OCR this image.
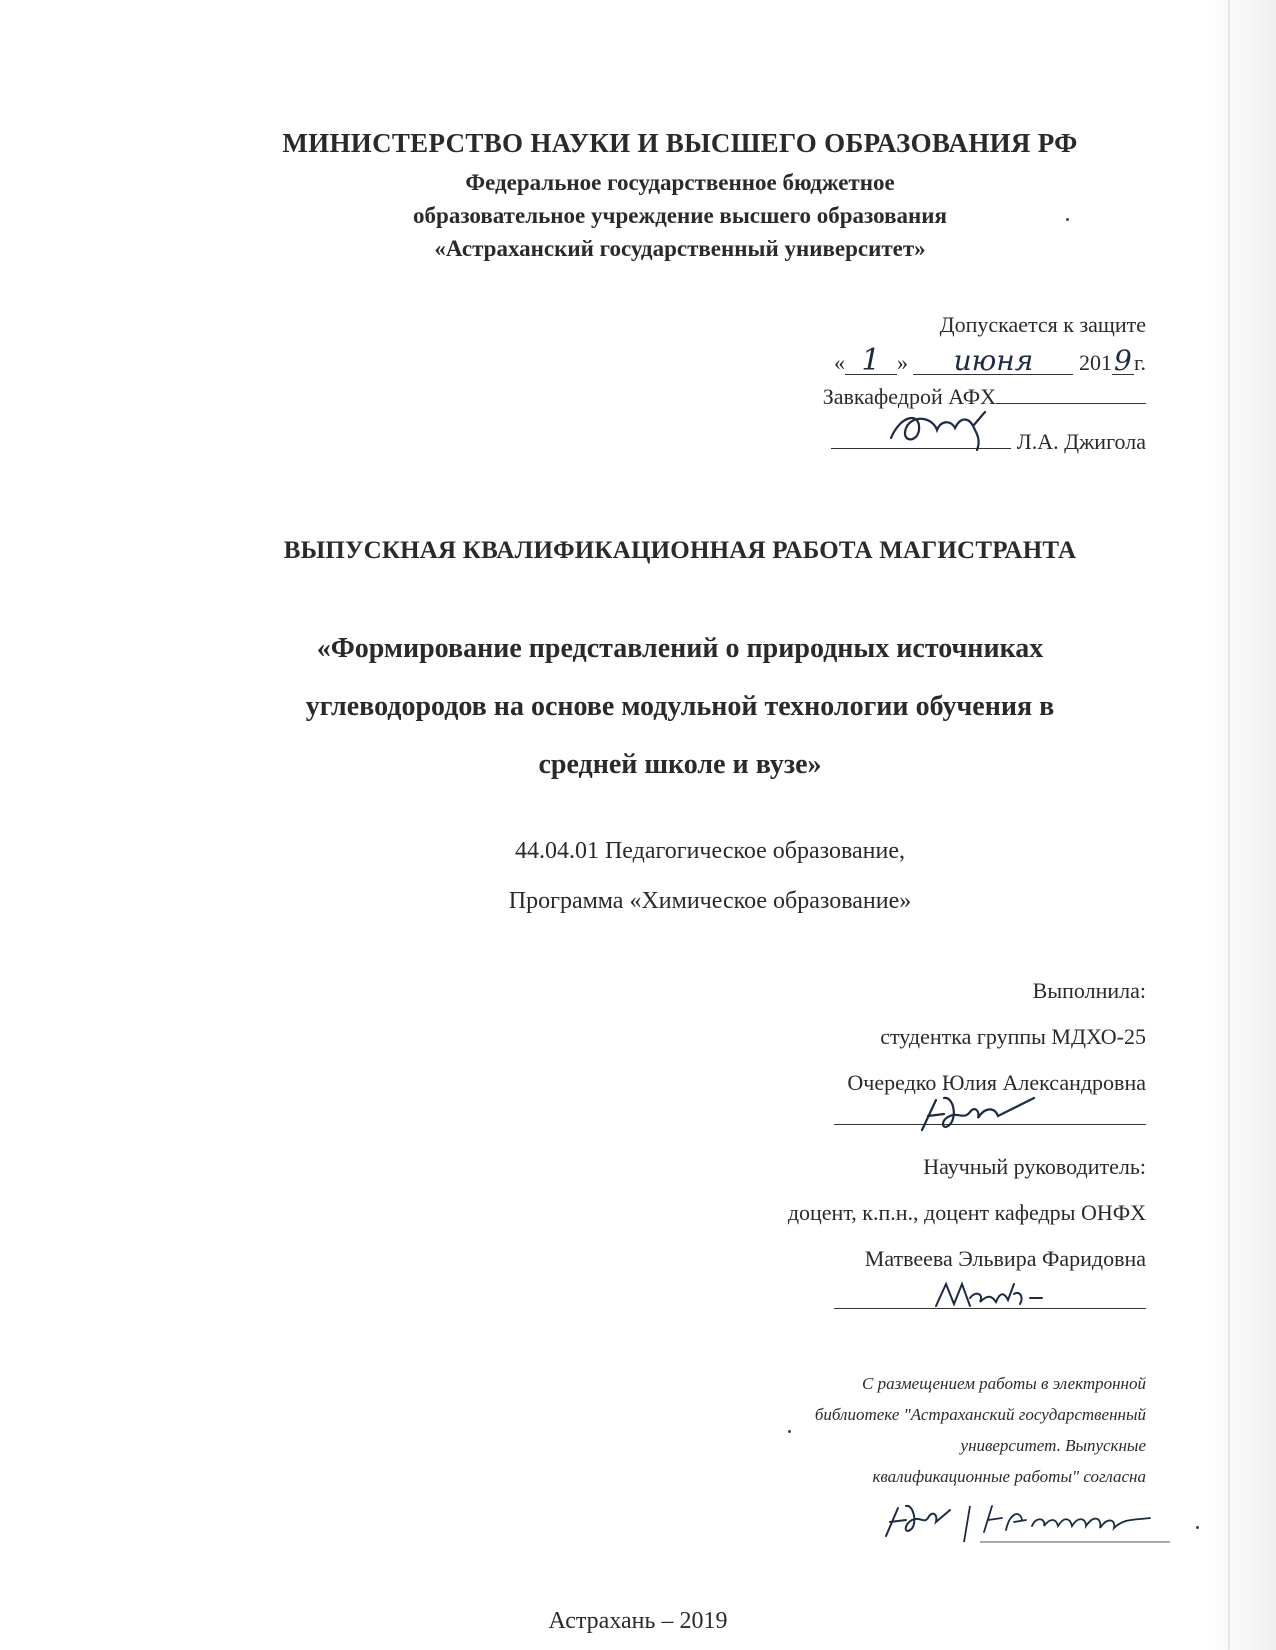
МИНИСТЕРСТВО НАУКИ И ВЫСШЕГО ОБРАЗОВАНИЯ РФ
Федеральное государственное бюджетное
образовательное учреждение высшего образования
«Астраханский государственный университет»
Допускается к защите
« 1 » июня 2019г.
Завкафедрой АФХ
Л.А. Джигола
ВЫПУСКНАЯ КВАЛИФИКАЦИОННАЯ РАБОТА МАГИСТРАНТА
«Формирование представлений о природных источниках
углеводородов на основе модульной технологии обучения в
средней школе и вузе»
44.04.01 Педагогическое образование,
Программа «Химическое образование»
Выполнила:
студентка группы МДХО-25
Очередко Юлия Александровна
Научный руководитель:
доцент, к.п.н., доцент кафедры ОНФХ
Матвеева Эльвира Фаридовна
С размещением работы в электронной
библиотеке "Астраханский государственный
университет. Выпускные
квалификационные работы" согласна
Астрахань – 2019
